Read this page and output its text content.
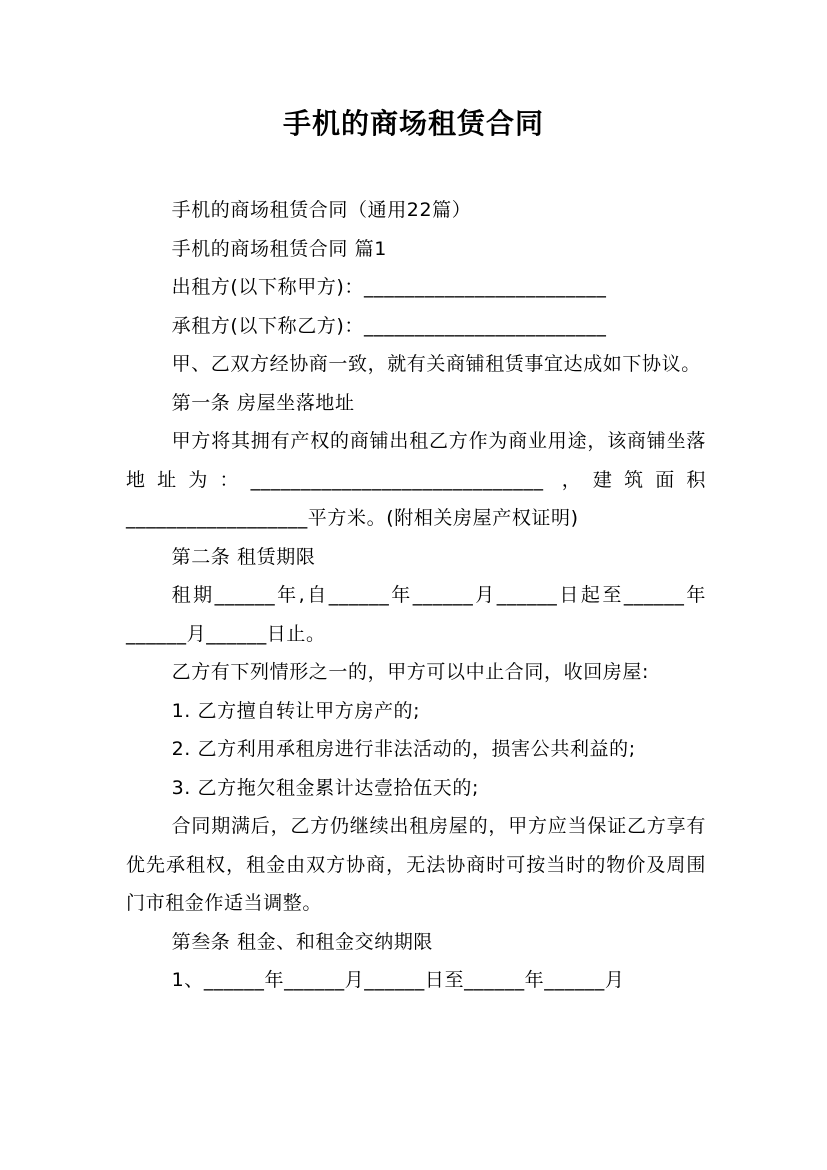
手机的商场租赁合同

手机的商场租赁合同（通用22篇）

手机的商场租赁合同 篇1

出租方(以下称甲方)：________________________

承租方(以下称乙方)：________________________

甲、乙双方经协商一致，就有关商铺租赁事宜达成如下协议。

第一条 房屋坐落地址

甲方将其拥有产权的商铺出租乙方作为商业用途，该商铺坐落地址为：_____________________________ ，建筑面积__________________平方米。(附相关房屋产权证明)

第二条 租赁期限

租期______年,自______年______月______日起至______年______月______日止。

乙方有下列情形之一的，甲方可以中止合同，收回房屋:

1. 乙方擅自转让甲方房产的;

2. 乙方利用承租房进行非法活动的，损害公共利益的;

3. 乙方拖欠租金累计达壹拾伍天的;

合同期满后，乙方仍继续出租房屋的，甲方应当保证乙方享有优先承租权，租金由双方协商，无法协商时可按当时的物价及周围门市租金作适当调整。

第叁条 租金、和租金交纳期限

1、______年______月______日至______年______月
